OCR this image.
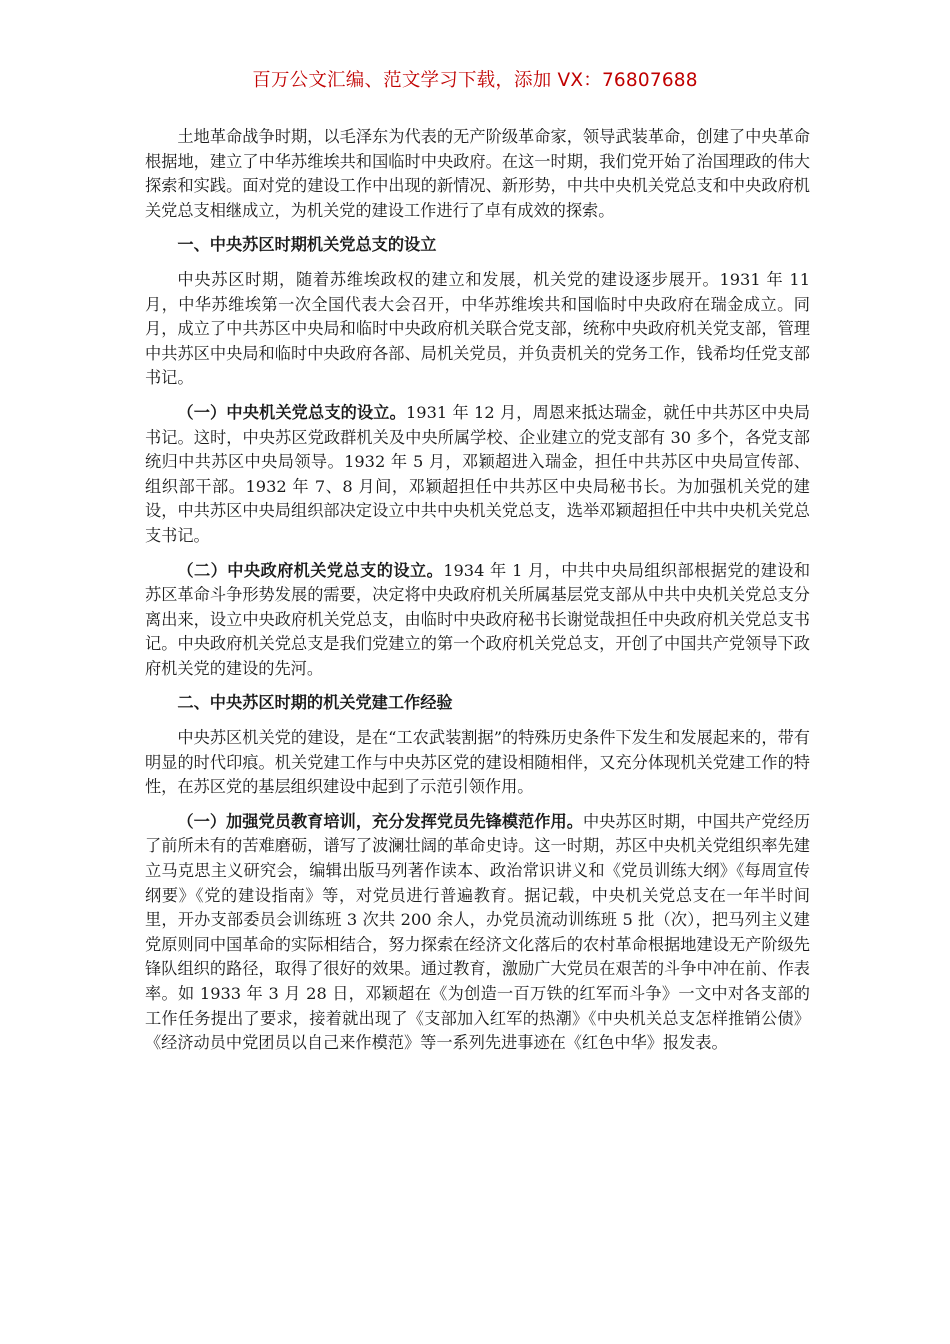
百万公文汇编、范文学习下载，添加 VX：76807688

土地革命战争时期，以毛泽东为代表的无产阶级革命家，领导武装革命，创建了中央革命根据地，建立了中华苏维埃共和国临时中央政府。在这一时期，我们党开始了治国理政的伟大探索和实践。面对党的建设工作中出现的新情况、新形势，中共中央机关党总支和中央政府机关党总支相继成立，为机关党的建设工作进行了卓有成效的探索。

一、中央苏区时期机关党总支的设立

中央苏区时期，随着苏维埃政权的建立和发展，机关党的建设逐步展开。1931 年 11 月，中华苏维埃第一次全国代表大会召开，中华苏维埃共和国临时中央政府在瑞金成立。同月，成立了中共苏区中央局和临时中央政府机关联合党支部，统称中央政府机关党支部，管理中共苏区中央局和临时中央政府各部、局机关党员，并负责机关的党务工作，钱希均任党支部书记。

（一）中央机关党总支的设立。1931 年 12 月，周恩来抵达瑞金，就任中共苏区中央局书记。这时，中央苏区党政群机关及中央所属学校、企业建立的党支部有 30 多个，各党支部统归中共苏区中央局领导。1932 年 5 月，邓颖超进入瑞金，担任中共苏区中央局宣传部、组织部干部。1932 年 7、8 月间，邓颖超担任中共苏区中央局秘书长。为加强机关党的建设，中共苏区中央局组织部决定设立中共中央机关党总支，选举邓颖超担任中共中央机关党总支书记。

（二）中央政府机关党总支的设立。1934 年 1 月，中共中央局组织部根据党的建设和苏区革命斗争形势发展的需要，决定将中央政府机关所属基层党支部从中共中央机关党总支分离出来，设立中央政府机关党总支，由临时中央政府秘书长谢觉哉担任中央政府机关党总支书记。中央政府机关党总支是我们党建立的第一个政府机关党总支，开创了中国共产党领导下政府机关党的建设的先河。

二、中央苏区时期的机关党建工作经验

中央苏区机关党的建设，是在“工农武装割据”的特殊历史条件下发生和发展起来的，带有明显的时代印痕。机关党建工作与中央苏区党的建设相随相伴，又充分体现机关党建工作的特性，在苏区党的基层组织建设中起到了示范引领作用。

（一）加强党员教育培训，充分发挥党员先锋模范作用。中央苏区时期，中国共产党经历了前所未有的苦难磨砺，谱写了波澜壮阔的革命史诗。这一时期，苏区中央机关党组织率先建立马克思主义研究会，编辑出版马列著作读本、政治常识讲义和《党员训练大纲》《每周宣传纲要》《党的建设指南》等，对党员进行普遍教育。据记载，中央机关党总支在一年半时间里，开办支部委员会训练班 3 次共 200 余人，办党员流动训练班 5 批（次），把马列主义建党原则同中国革命的实际相结合，努力探索在经济文化落后的农村革命根据地建设无产阶级先锋队组织的路径，取得了很好的效果。通过教育，激励广大党员在艰苦的斗争中冲在前、作表率。如 1933 年 3 月 28 日，邓颖超在《为创造一百万铁的红军而斗争》一文中对各支部的工作任务提出了要求，接着就出现了《支部加入红军的热潮》《中央机关总支怎样推销公债》《经济动员中党团员以自己来作模范》等一系列先进事迹在《红色中华》报发表。
